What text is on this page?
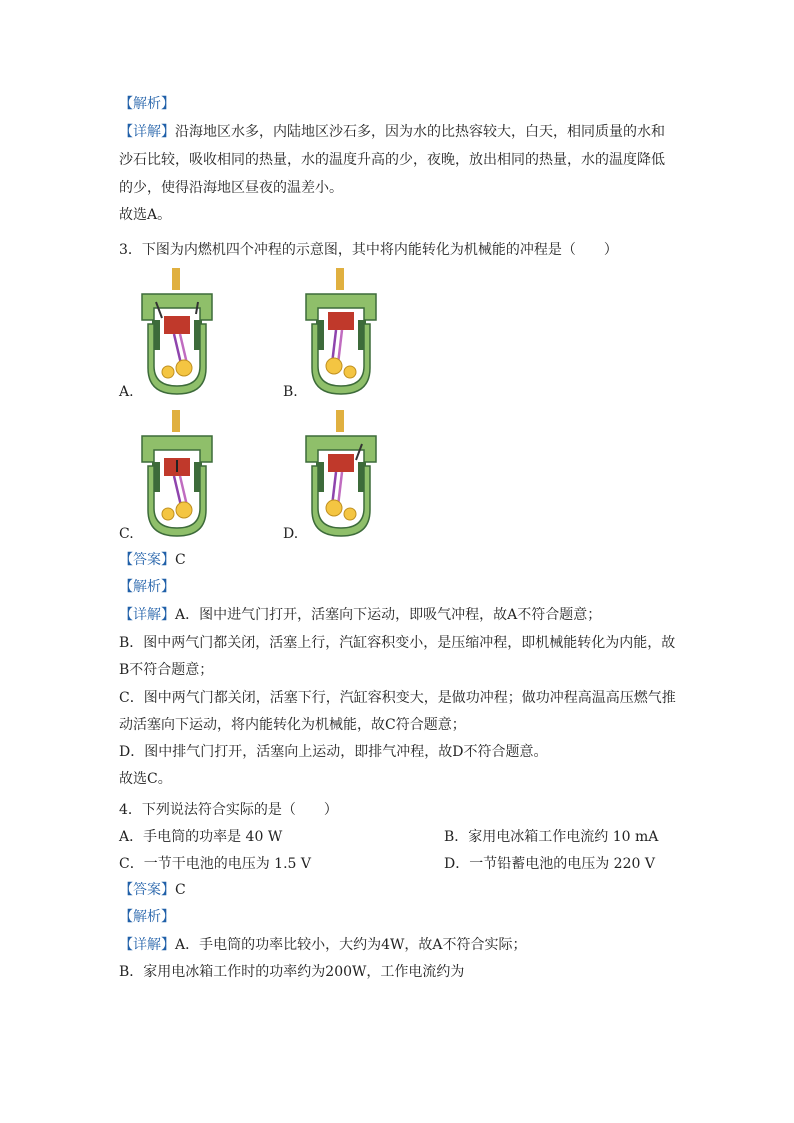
【解析】
【详解】沿海地区水多，内陆地区沙石多，因为水的比热容较大，白天，相同质量的水和
沙石比较，吸收相同的热量，水的温度升高的少，夜晚，放出相同的热量，水的温度降低
的少，使得沿海地区昼夜的温差小。
故选A。
3．下图为内燃机四个冲程的示意图，其中将内能转化为机械能的冲程是（　　）
A.	B.
C.	D.
【答案】C
【解析】
【详解】A．图中进气门打开，活塞向下运动，即吸气冲程，故A不符合题意；
B．图中两气门都关闭，活塞上行，汽缸容积变小，是压缩冲程，即机械能转化为内能，故
B不符合题意；
C．图中两气门都关闭，活塞下行，汽缸容积变大，是做功冲程；做功冲程高温高压燃气推
动活塞向下运动，将内能转化为机械能，故C符合题意；
D．图中排气门打开，活塞向上运动，即排气冲程，故D不符合题意。
故选C。
4．下列说法符合实际的是（　　）
A．手电筒的功率是 40 W	B．家用电冰箱工作电流约 10 mA
C．一节干电池的电压为 1.5 V	D．一节铅蓄电池的电压为 220 V
【答案】C
【解析】
【详解】A．手电筒的功率比较小，大约为4W，故A不符合实际；
B．家用电冰箱工作时的功率约为200W，工作电流约为
